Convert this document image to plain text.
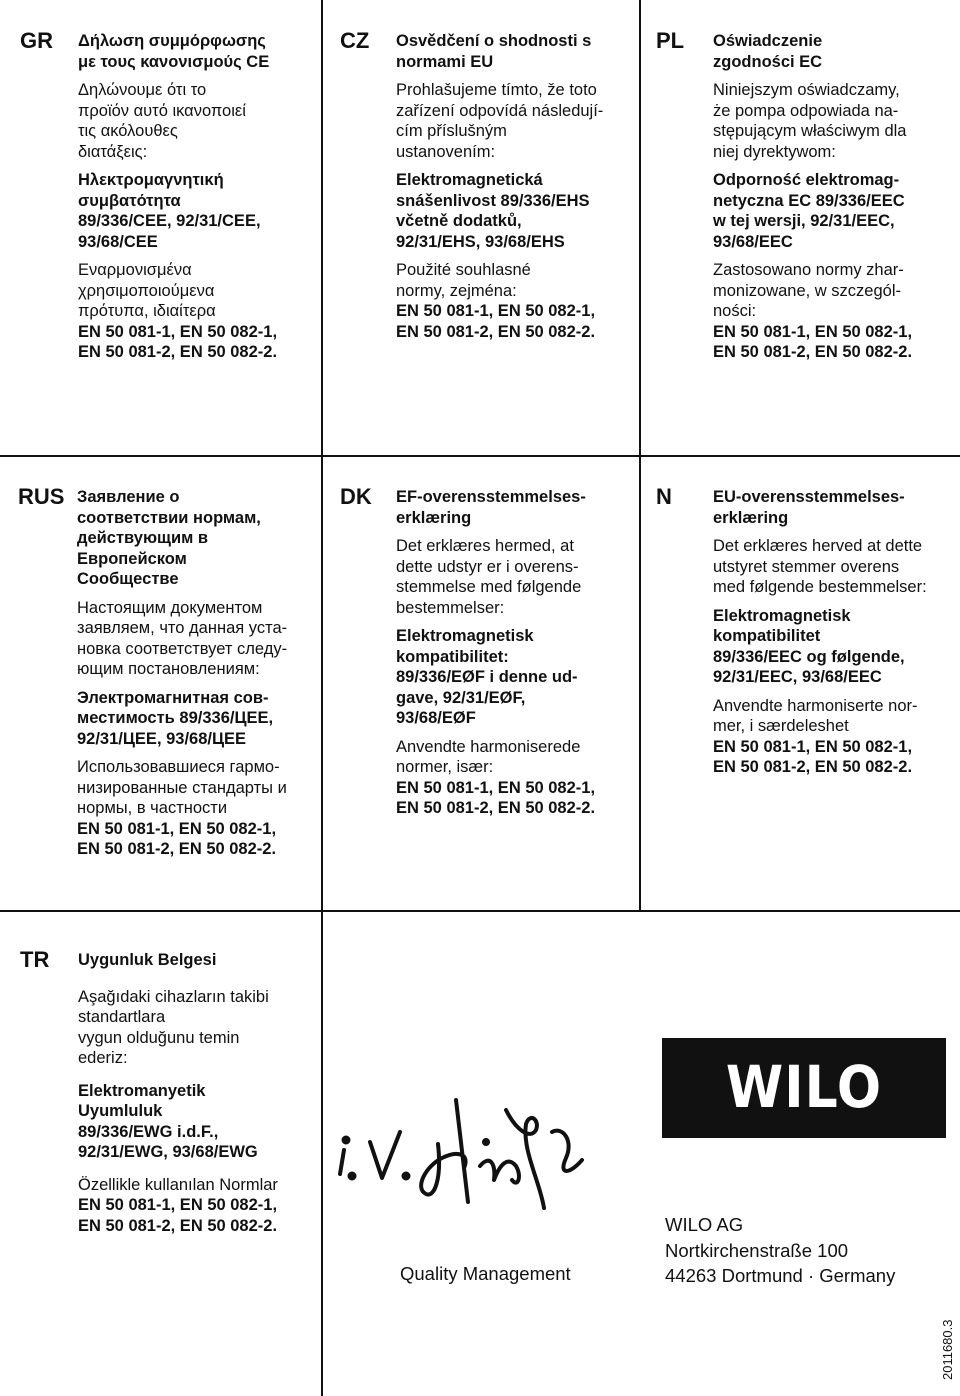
GR Δήλωση συμμόρφωσης
με τους κανονισμούς CE

Δηλώνουμε ότι το
προϊόν αυτό ικανοποιεί
τις ακόλουθες
διατάξεις:

Ηλεκτρομαγνητική
συμβατότητα
89/336/CEE, 92/31/CEE,
93/68/CEE

Εναρμονισμένα
χρησιμοποιούμενα
πρότυπα, ιδιαίτερα

EN 50 081-1, EN 50 082-1,
EN 50 081-2, EN 50 082-2.

CZ Osvědčení o shodnosti s
normami EU

Prohlašujeme tímto, že toto
zařízení odpovídá následují-
cím příslušným
ustanovením:

Elektromagnetická
snášenlivost 89/336/EHS
včetně dodatků,
92/31/EHS, 93/68/EHS

Použité souhlasné
normy, zejména:

EN 50 081-1, EN 50 082-1,
EN 50 081-2, EN 50 082-2.

PL Oświadczenie
zgodności EC

Niniejszym oświadczamy,
że pompa odpowiada na-
stępującym właściwym dla
niej dyrektywom:

Odporność elektromag-
netyczna EC 89/336/EEC
w tej wersji, 92/31/EEC,
93/68/EEC

Zastosowano normy zhar-
monizowane, w szczegól-
ności:

EN 50 081-1, EN 50 082-1,
EN 50 081-2, EN 50 082-2.

RUS Заявление о
соответствии нормам,
действующим в
Европейском
Сообществе

Настоящим документом
заявляем, что данная уста-
новка соответствует следу-
ющим постановлениям:

Электромагнитная сов-
местимость 89/336/ЦЕЕ,
92/31/ЦЕЕ, 93/68/ЦЕЕ

Использовавшиеся гармо-
низированные стандарты и
нормы, в частности

EN 50 081-1, EN 50 082-1,
EN 50 081-2, EN 50 082-2.

DK EF-overensstemmelses-
erklæring

Det erklæres hermed, at
dette udstyr er i overens-
stemmelse med følgende
bestemmelser:

Elektromagnetisk
kompatibilitet:
89/336/EØF i denne ud-
gave, 92/31/EØF,
93/68/EØF

Anvendte harmoniserede
normer, især:

EN 50 081-1, EN 50 082-1,
EN 50 081-2, EN 50 082-2.

N EU-overensstemmelses-
erklæring

Det erklæres herved at dette
utstyret stemmer overens
med følgende bestemmelser:

Elektromagnetisk
kompatibilitet
89/336/EEC og følgende,
92/31/EEC, 93/68/EEC

Anvendte harmoniserte nor-
mer, i særdeleshet

EN 50 081-1, EN 50 082-1,
EN 50 081-2, EN 50 082-2.

TR Uygunluk Belgesi

Aşağıdaki cihazların takibi
standartlara
vygun olduğunu temin
ederiz:

Elektromanyetik
Uyumluluk
89/336/EWG i.d.F.,
92/31/EWG, 93/68/EWG

Özellikle kullanılan Normlar

EN 50 081-1, EN 50 082-1,
EN 50 081-2, EN 50 082-2.

Quality Management
WILO
WILO AG
Nortkirchenstraße 100
44263 Dortmund · Germany
2011680.3
